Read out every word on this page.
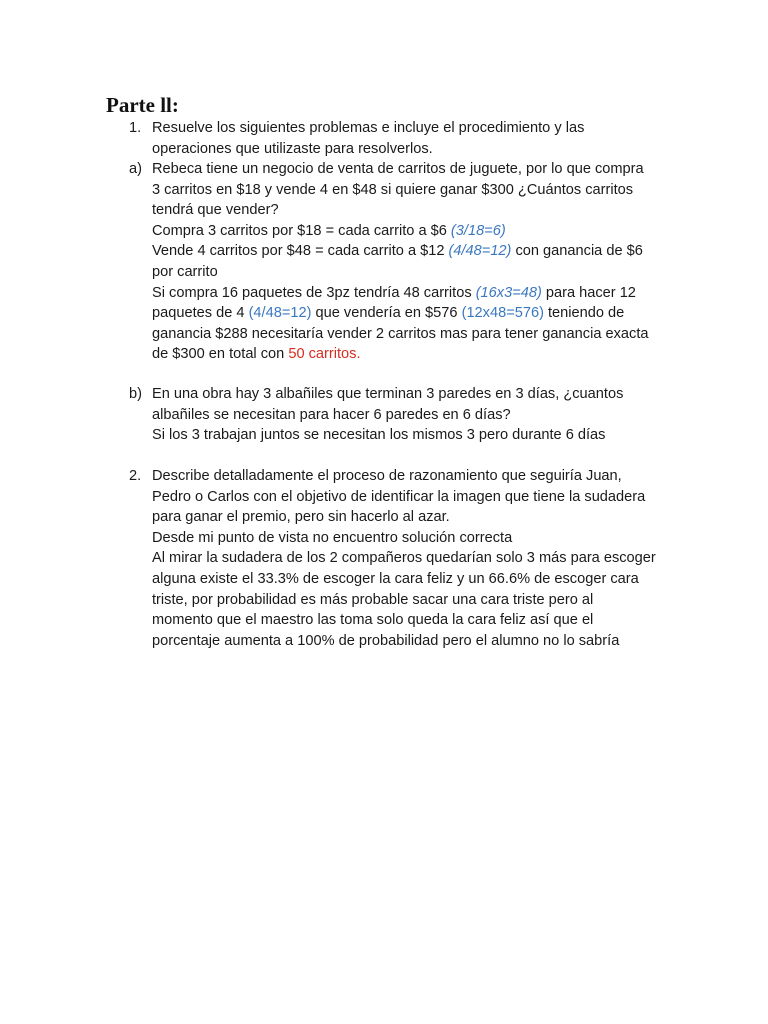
Parte ll:
1. Resuelve los siguientes problemas e incluye el procedimiento y las
operaciones que utilizaste para resolverlos.
a) Rebeca tiene un negocio de venta de carritos de juguete, por lo que compra
3 carritos en $18 y vende 4 en $48 si quiere ganar $300 ¿Cuántos carritos
tendrá que vender?
Compra 3 carritos por $18 = cada carrito a $6 (3/18=6)
Vende 4 carritos por $48 = cada carrito a $12 (4/48=12) con ganancia de $6
por carrito
Si compra 16 paquetes de 3pz tendría 48 carritos (16x3=48) para hacer 12
paquetes de 4 (4/48=12) que vendería en $576 (12x48=576) teniendo de
ganancia $288 necesitaría vender 2 carritos mas para tener ganancia exacta
de $300 en total con 50 carritos.
b) En una obra hay 3 albañiles que terminan 3 paredes en 3 días, ¿cuantos
albañiles se necesitan para hacer 6 paredes en 6 días?
Si los 3 trabajan juntos se necesitan los mismos 3 pero durante 6 días
2. Describe detalladamente el proceso de razonamiento que seguiría Juan,
Pedro o Carlos con el objetivo de identificar la imagen que tiene la sudadera
para ganar el premio, pero sin hacerlo al azar.
Desde mi punto de vista no encuentro solución correcta
Al mirar la sudadera de los 2 compañeros quedarían solo 3 más para escoger
alguna existe el 33.3% de escoger la cara feliz y un 66.6% de escoger cara
triste, por probabilidad es más probable sacar una cara triste pero al
momento que el maestro las toma solo queda la cara feliz así que el
porcentaje aumenta a 100% de probabilidad pero el alumno no lo sabría
